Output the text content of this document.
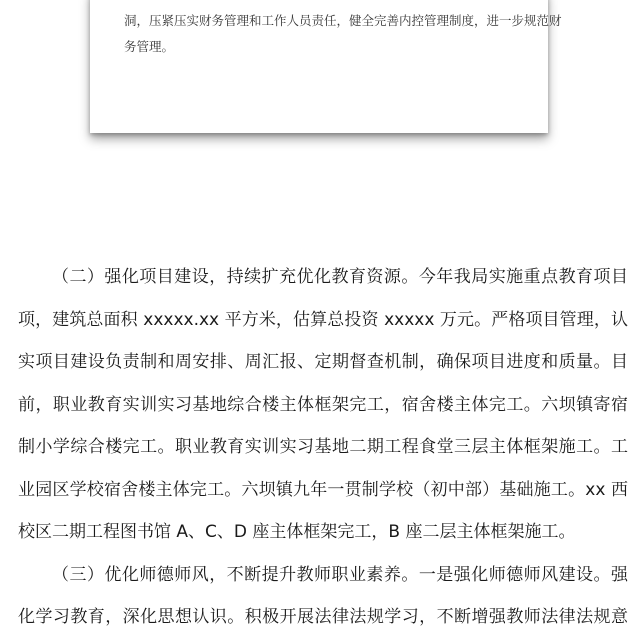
洞，压紧压实财务管理和工作人员责任，健全完善内控管理制度，进一步规范财
务管理。
（二）强化项目建设，持续扩充优化教育资源。今年我局实施重点教育项目
项，建筑总面积 xxxxx.xx 平方米，估算总投资 xxxxx 万元。严格项目管理，认
实项目建设负责制和周安排、周汇报、定期督查机制，确保项目进度和质量。目
前，职业教育实训实习基地综合楼主体框架完工，宿舍楼主体完工。六坝镇寄宿
制小学综合楼完工。职业教育实训实习基地二期工程食堂三层主体框架施工。工
业园区学校宿舍楼主体完工。六坝镇九年一贯制学校（初中部）基础施工。xx 西
校区二期工程图书馆 A、C、D 座主体框架完工，B 座二层主体框架施工。
（三）优化师德师风，不断提升教师职业素养。一是强化师德师风建设。强
化学习教育，深化思想认识。积极开展法律法规学习，不断增强教师法律法规意
